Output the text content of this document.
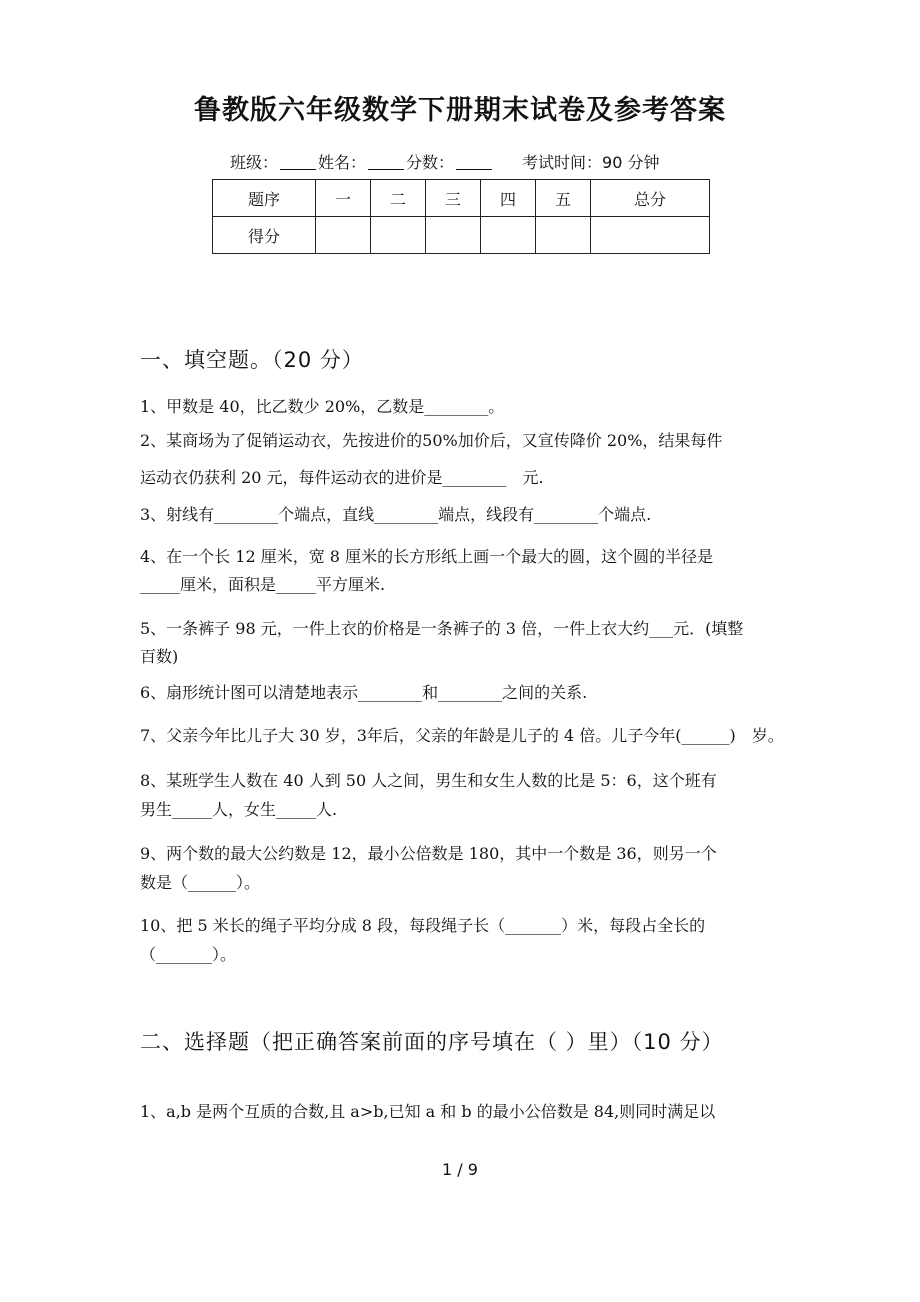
鲁教版六年级数学下册期末试卷及参考答案
班级：	姓名：	分数：	考试时间：90 分钟
题序	一	二	三	四	五	总分
得分						
一、填空题。（20 分）
1、甲数是 40，比乙数少 20%，乙数是________。
2、某商场为了促销运动衣，先按进价的50%加价后，又宣传降价 20%，结果每件
运动衣仍获利 20 元，每件运动衣的进价是________　元.
3、射线有________个端点，直线________端点，线段有________个端点.
4、在一个长 12 厘米，宽 8 厘米的长方形纸上画一个最大的圆，这个圆的半径是
_____厘米，面积是_____平方厘米.
5、一条裤子 98 元，一件上衣的价格是一条裤子的 3 倍，一件上衣大约___元．(填整
百数)
6、扇形统计图可以清楚地表示________和________之间的关系.
7、父亲今年比儿子大 30 岁，3年后，父亲的年龄是儿子的 4 倍。儿子今年(______)　岁。
8、某班学生人数在 40 人到 50 人之间，男生和女生人数的比是 5：6，这个班有
男生_____人，女生_____人.
9、两个数的最大公约数是 12，最小公倍数是 180，其中一个数是 36，则另一个
数是（______）。
10、把 5 米长的绳子平均分成 8 段，每段绳子长（_______）米，每段占全长的
（_______）。
二、选择题（把正确答案前面的序号填在（ ）里）（10 分）
1、a,b 是两个互质的合数,且 a>b,已知 a 和 b 的最小公倍数是 84,则同时满足以
1 / 9
